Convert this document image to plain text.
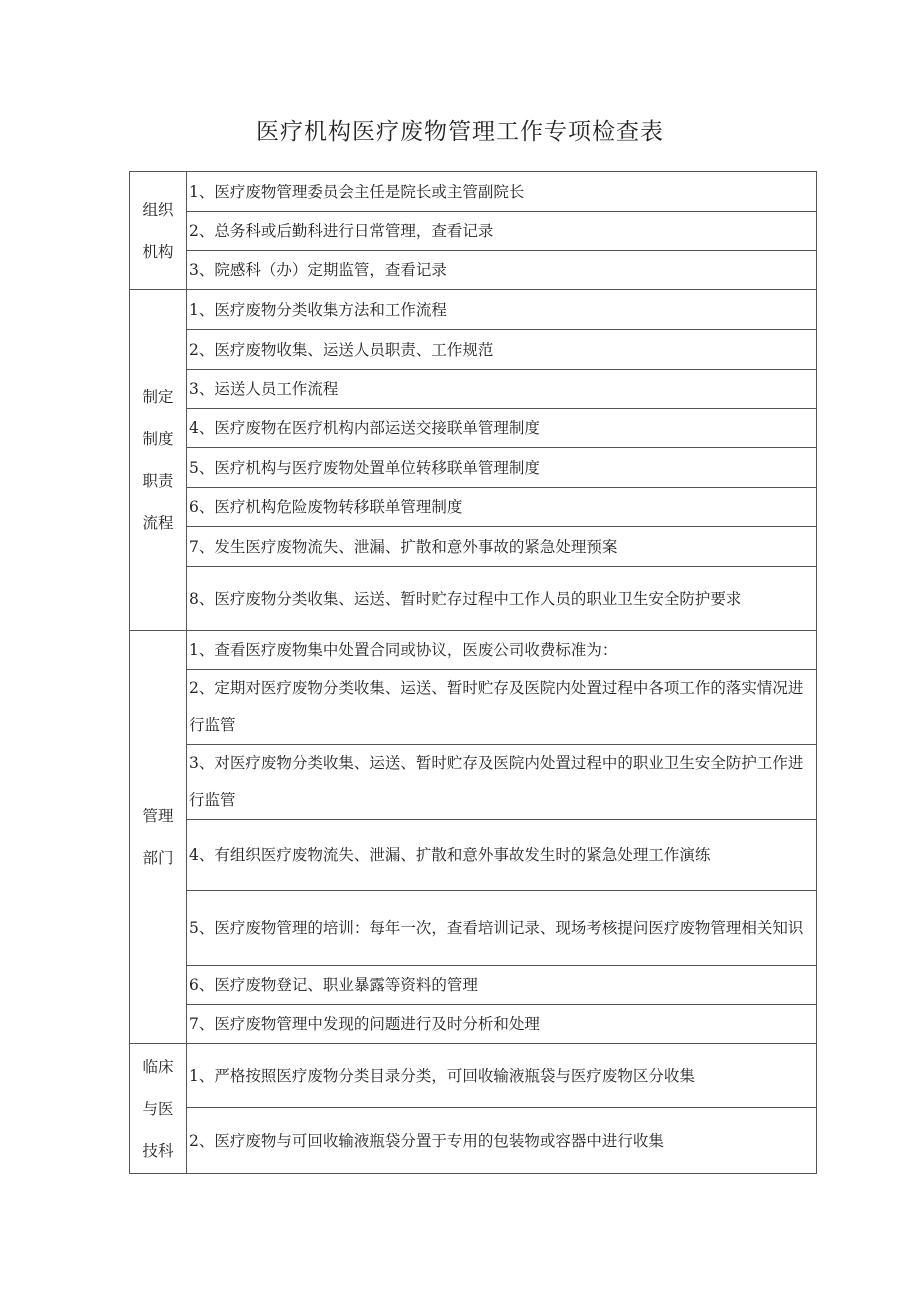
医疗机构医疗废物管理工作专项检查表
组织
机构	1、医疗废物管理委员会主任是院长或主管副院长
	2、总务科或后勤科进行日常管理，查看记录
	3、院感科（办）定期监管，查看记录

制定
制度
职责
流程	1、医疗废物分类收集方法和工作流程
	2、医疗废物收集、运送人员职责、工作规范
	3、运送人员工作流程
	4、医疗废物在医疗机构内部运送交接联单管理制度
	5、医疗机构与医疗废物处置单位转移联单管理制度
	6、医疗机构危险废物转移联单管理制度
	7、发生医疗废物流失、泄漏、扩散和意外事故的紧急处理预案
	8、医疗废物分类收集、运送、暂时贮存过程中工作人员的职业卫生安全防护要求

管理
部门	1、查看医疗废物集中处置合同或协议，医废公司收费标准为：
	2、定期对医疗废物分类收集、运送、暂时贮存及医院内处置过程中各项工作的落实情况进行监管
	3、对医疗废物分类收集、运送、暂时贮存及医院内处置过程中的职业卫生安全防护工作进行监管
	4、有组织医疗废物流失、泄漏、扩散和意外事故发生时的紧急处理工作演练
	5、医疗废物管理的培训：每年一次，查看培训记录、现场考核提问医疗废物管理相关知识
	6、医疗废物登记、职业暴露等资料的管理
	7、医疗废物管理中发现的问题进行及时分析和处理

临床
与医
技科	1、严格按照医疗废物分类目录分类，可回收输液瓶袋与医疗废物区分收集
	2、医疗废物与可回收输液瓶袋分置于专用的包装物或容器中进行收集
